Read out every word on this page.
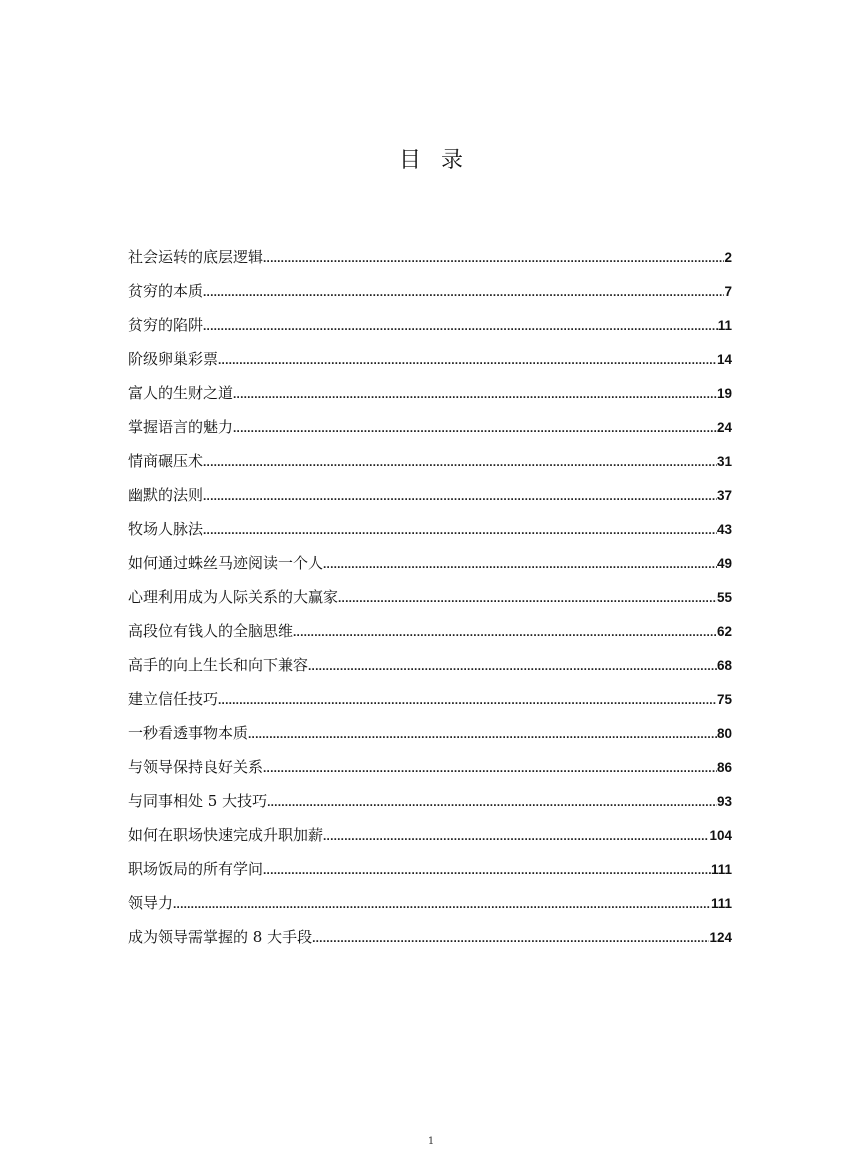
目录
社会运转的底层逻辑 .....	2
贫穷的本质 .....	7
贫穷的陷阱 .....	11
阶级卵巢彩票 .....	14
富人的生财之道 .....	19
掌握语言的魅力 .....	24
情商碾压术 .....	31
幽默的法则 .....	37
牧场人脉法 .....	43
如何通过蛛丝马迹阅读一个人 .....	49
心理利用成为人际关系的大赢家 .....	55
高段位有钱人的全脑思维 .....	62
高手的向上生长和向下兼容 .....	68
建立信任技巧 .....	75
一秒看透事物本质 .....	80
与领导保持良好关系 .....	86
与同事相处 5 大技巧 .....	93
如何在职场快速完成升职加薪 .....	104
职场饭局的所有学问 .....	111
领导力 .....	111
成为领导需掌握的 8 大手段 .....	124
1
